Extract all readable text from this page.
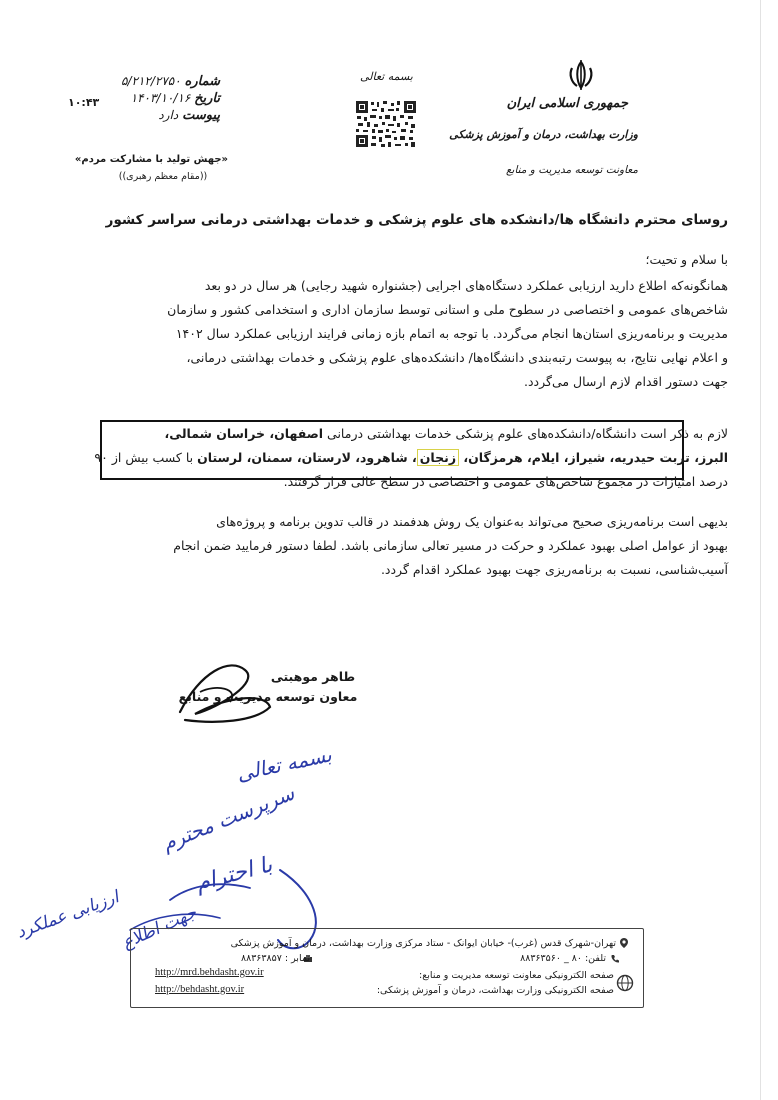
جمهوری اسلامی ایران
وزارت بهداشت، درمان و آموزش پزشکی
معاونت توسعه مدیریت و منابع
بسمه تعالی
شماره ۵/۲۱۲/۲۷۵۰
تاریخ ۱۴۰۳/۱۰/۱۶
پیوست دارد
۱۰:۴۳
«جهش تولید با مشارکت مردم»
((مقام معظم رهبری))
روسای محترم دانشگاه ها/دانشکده های علوم پزشکی و خدمات بهداشتی درمانی سراسر کشور
با سلام و تحیت؛
همانگونه‌که اطلاع دارید ارزیابی عملکرد دستگاه‌های اجرایی (جشنواره شهید رجایی) هر سال در دو بعد
شاخص‌های عمومی و اختصاصی در سطوح ملی و استانی توسط سازمان اداری و استخدامی کشور و سازمان
مدیریت و برنامه‌ریزی استان‌ها انجام می‌گردد. با توجه به اتمام بازه زمانی فرایند ارزیابی عملکرد سال ۱۴۰۲
و اعلام نهایی نتایج، به پیوست رتبه‌بندی دانشگاه‌ها/ دانشکده‌های علوم پزشکی و خدمات بهداشتی درمانی،
جهت دستور اقدام لازم ارسال می‌گردد.
لازم به ذکر است دانشگاه/دانشکده‌های علوم پزشکی خدمات بهداشتی درمانی اصفهان، خراسان شمالی،
البرز، تربت حیدریه، شیراز، ایلام، هرمزگان، زنجان، شاهرود، لارستان، سمنان، لرستان با کسب بیش از ۹۰
درصد امتیازات در مجموع شاخص‌های عمومی و اختصاصی در سطح عالی قرار گرفتند.
بدیهی است برنامه‌ریزی صحیح می‌تواند به‌عنوان یک روش هدفمند در قالب تدوین برنامه و پروژه‌های
بهبود از عوامل اصلی بهبود عملکرد و حرکت در مسیر تعالی سازمانی باشد. لطفا دستور فرمایید ضمن انجام
آسیب‌شناسی، نسبت به برنامه‌ریزی جهت بهبود عملکرد اقدام گردد.
طاهر موهبتی
معاون توسعه مدیریت و منابع
بسمه تعالی
سرپرست محترم
با احترام
ارزیابی عملکرد
جهت اطلاع	تهران-شهرک قدس (غرب)- خیابان ایوانک - ستاد مرکزی وزارت بهداشت، درمان و آموزش پزشکی
تلفن: ۸۰ _ ۸۸۳۶۳۵۶۰
نمابر : ۸۸۳۶۳۸۵۷
صفحه الکترونیکی معاونت توسعه مدیریت و منابع:
صفحه الکترونیکی وزارت بهداشت، درمان و آموزش پزشکی:
http://mrd.behdasht.gov.ir
http://behdasht.gov.ir
